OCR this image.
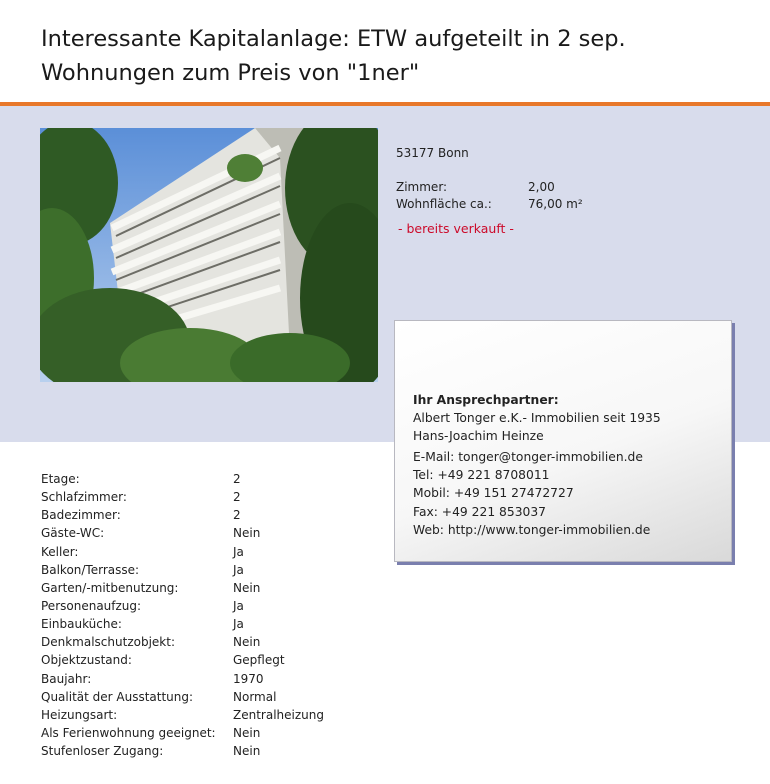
Interessante Kapitalanlage: ETW aufgeteilt in 2 sep.
Wohnungen zum Preis von "1ner"
53177 Bonn
Zimmer:	2,00
Wohnfläche ca.:	76,00 m²
- bereits verkauft -
Ihr Ansprechpartner:
Albert Tonger e.K.- Immobilien seit 1935
Hans-Joachim Heinze
E-Mail: tonger@tonger-immobilien.de
Tel: +49 221 8708011
Mobil: +49 151 27472727
Fax: +49 221 853037
Web: http://www.tonger-immobilien.de
Etage:	2
Schlafzimmer:	2
Badezimmer:	2
Gäste-WC:	Nein
Keller:	Ja
Balkon/Terrasse:	Ja
Garten/-mitbenutzung:	Nein
Personenaufzug:	Ja
Einbauküche:	Ja
Denkmalschutzobjekt:	Nein
Objektzustand:	Gepflegt
Baujahr:	1970
Qualität der Ausstattung:	Normal
Heizungsart:	Zentralheizung
Als Ferienwohnung geeignet: Nein
Stufenloser Zugang:	Nein
